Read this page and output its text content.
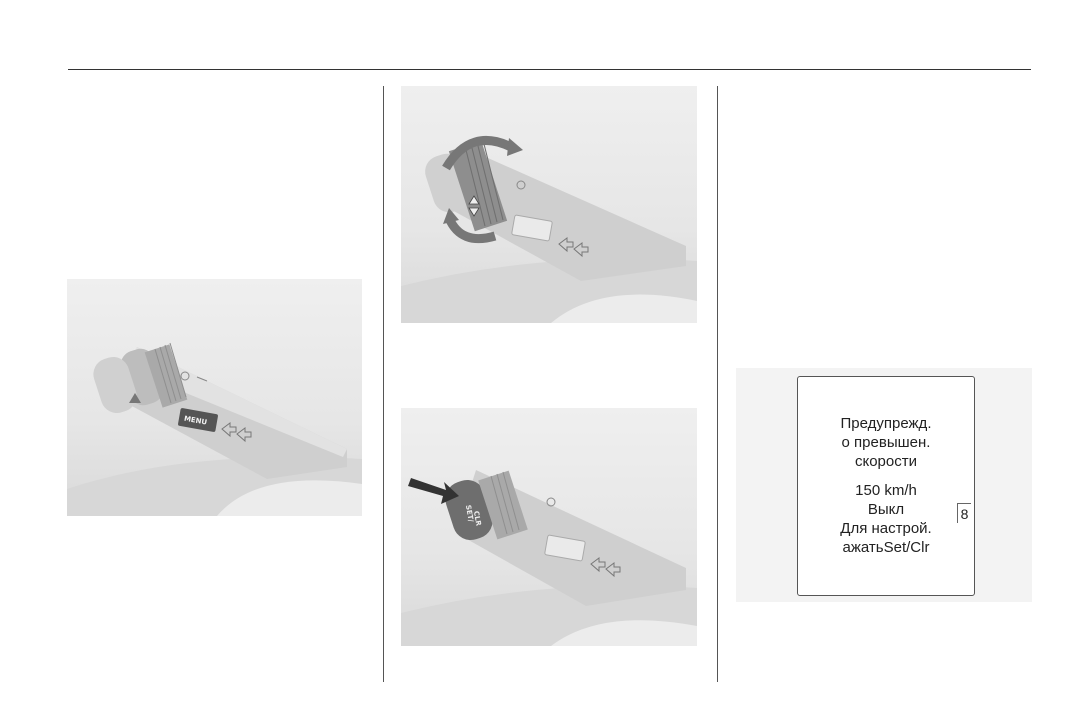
MENU
SET/
CLR
Предупрежд.
о превышен.
скорости
150 km/h
Выкл
Для настрой.
ажатьSet/Clr
8
